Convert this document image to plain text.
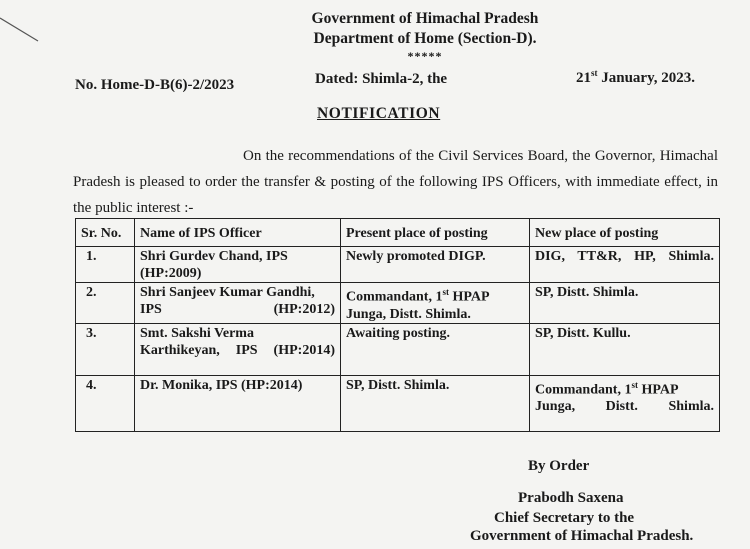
Government of Himachal Pradesh
Department of Home (Section-D).
*****
No. Home-D-B(6)-2/2023	Dated: Shimla-2, the	21st January, 2023.
NOTIFICATION
On the recommendations of the Civil Services Board, the Governor, Himachal Pradesh is pleased to order the transfer & posting of the following IPS Officers, with immediate effect, in the public interest :-
Sr. No.	Name of IPS Officer	Present place of posting	New place of posting
1.	Shri Gurdev Chand, IPS (HP:2009)	Newly promoted DIGP.	DIG, TT&R, HP, Shimla.
2.	Shri Sanjeev Kumar Gandhi, IPS (HP:2012)	Commandant, 1st HPAP Junga, Distt. Shimla.	SP, Distt. Shimla.
3.	Smt. Sakshi Verma Karthikeyan, IPS (HP:2014)	Awaiting posting.	SP, Distt. Kullu.
4.	Dr. Monika, IPS (HP:2014)	SP, Distt. Shimla.	Commandant, 1st HPAP Junga, Distt. Shimla.
By Order
Prabodh Saxena
Chief Secretary to the
Government of Himachal Pradesh.
